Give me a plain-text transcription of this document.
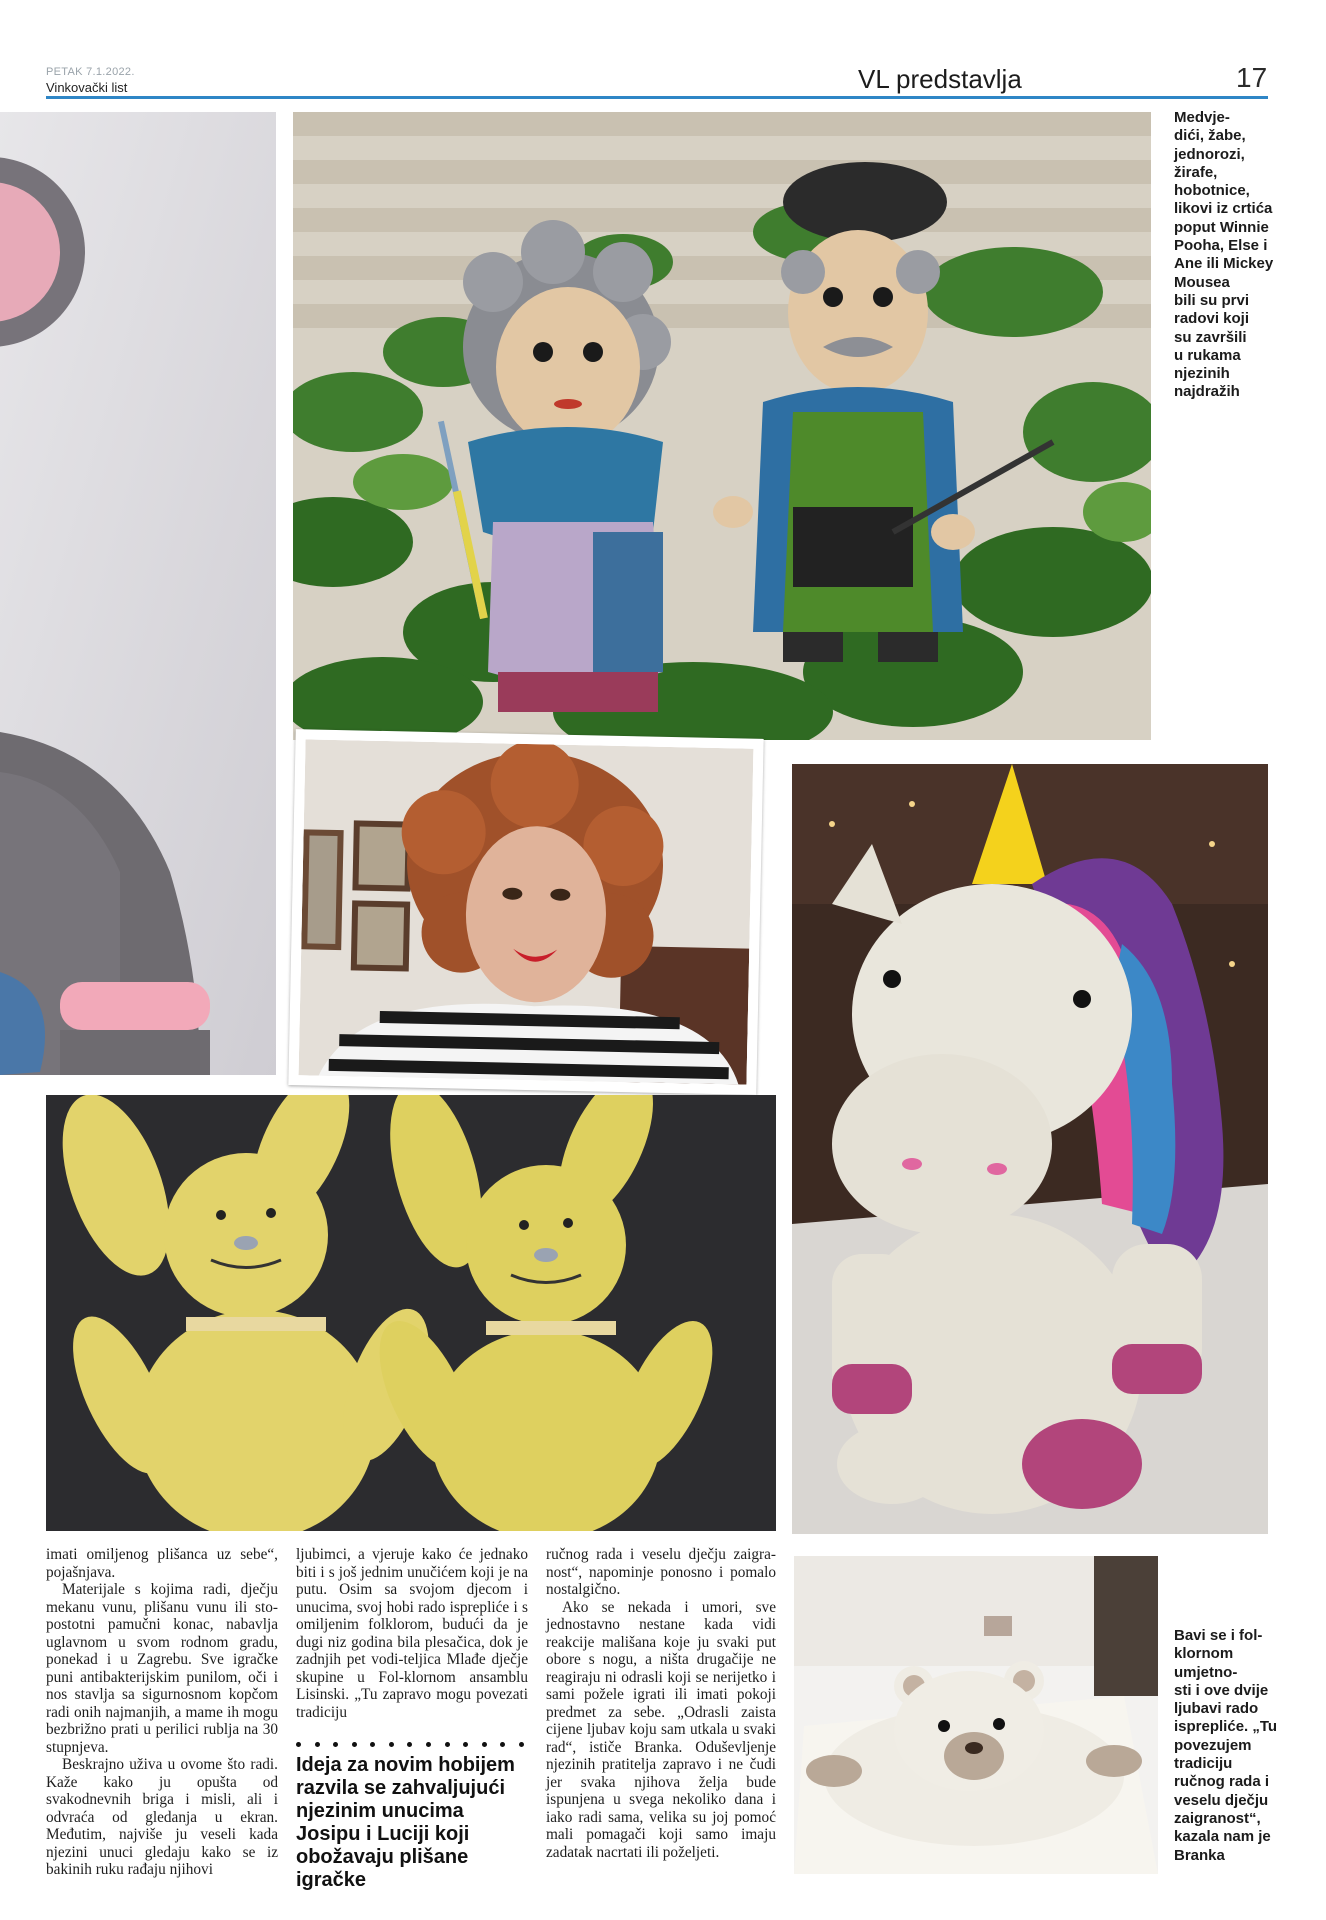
PETAK 7.1.2022.
Vinkovački list	VL predstavlja	17
Medvje-
dići, žabe,
jednorozi,
žirafe,
hobotnice,
likovi iz crtića
poput Winnie
Pooha, Else i
Ane ili Mickey
Mousea
bili su prvi
radovi koji
su završili
u rukama
njezinih
najdražih
Bavi se i fol-
klornom
umjetno-
sti i ove dvije
ljubavi rado
isprepliće. „Tu
povezujem
tradiciju
ručnog rada i
veselu dječju
zaigranost“,
kazala nam je
Branka

imati omiljenog plišanca uz sebe“, pojašnjava.

Materijale s kojima radi, dječju mekanu vunu, plišanu vunu ili sto-postotni pamučni konac, nabavlja uglavnom u svom rodnom gradu, ponekad i u Zagrebu. Sve igračke puni antibakterijskim punilom, oči i nos stavlja sa sigurnosnom kopčom radi onih najmanjih, a mame ih mogu bezbrižno prati u perilici rublja na 30 stupnjeva.

Beskrajno uživa u ovome što radi. Kaže kako ju opušta od svakodnevnih briga i misli, ali i odvraća od gledanja u ekran. Međutim, najviše ju veseli kada njezini unuci gledaju kako se iz bakinih ruku rađaju njihovi

ljubimci, a vjeruje kako će jednako biti i s još jednim unučićem koji je na putu. Osim sa svojom djecom i unucima, svoj hobi rado isprepliće i s omiljenim folklorom, budući da je dugi niz godina bila plesačica, dok je zadnjih pet vodi-teljica Mlađe dječje skupine u Fol-klornom ansamblu Lisinski. „Tu zapravo mogu povezati tradiciju

Ideja za novim hobijem razvila se zahvaljujući njezinim unucima Josipu i Luciji koji obožavaju plišane igračke

ručnog rada i veselu dječju zaigra-nost“, napominje ponosno i pomalo nostalgično.

Ako se nekada i umori, sve jednostavno nestane kada vidi reakcije mališana koje ju svaki put obore s nogu, a ništa drugačije ne reagiraju ni odrasli koji se nerijetko i sami požele igrati ili imati pokoji predmet za sebe. „Odrasli zaista cijene ljubav koju sam utkala u svaki rad“, ističe Branka. Oduševljenje njezinih pratitelja zapravo i ne čudi jer svaka njihova želja bude ispunjena u svega nekoliko dana i iako radi sama, velika su joj pomoć mali pomagači koji samo imaju zadatak nacrtati ili poželjeti.
